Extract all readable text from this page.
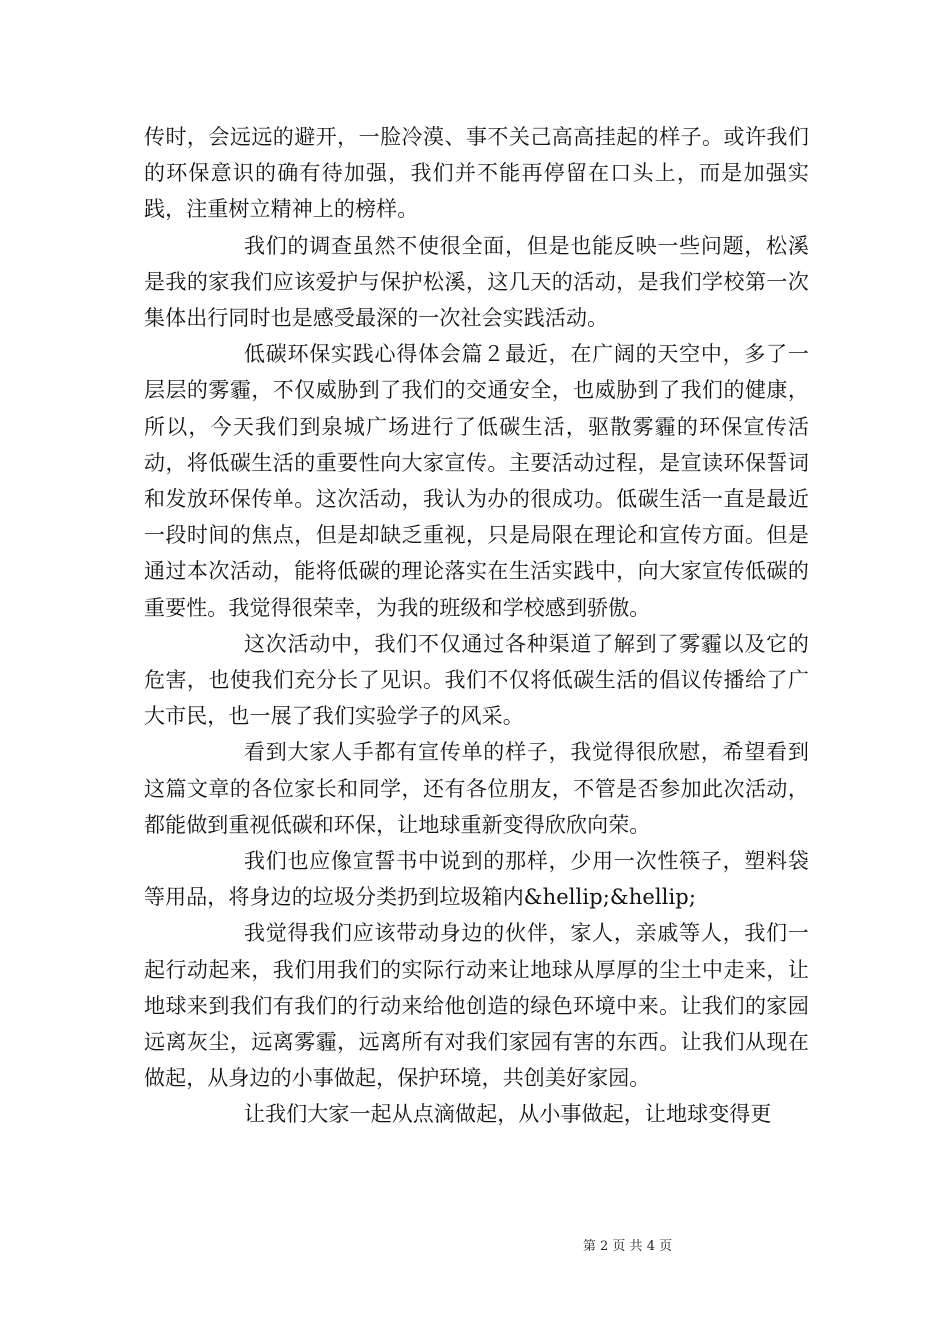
传时，会远远的避开，一脸冷漠、事不关己高高挂起的样子。或许我们的环保意识的确有待加强，我们并不能再停留在口头上，而是加强实践，注重树立精神上的榜样。

我们的调查虽然不使很全面，但是也能反映一些问题，松溪是我的家我们应该爱护与保护松溪，这几天的活动，是我们学校第一次集体出行同时也是感受最深的一次社会实践活动。

低碳环保实践心得体会篇２最近，在广阔的天空中，多了一层层的雾霾，不仅威胁到了我们的交通安全，也威胁到了我们的健康，所以，今天我们到泉城广场进行了低碳生活，驱散雾霾的环保宣传活动，将低碳生活的重要性向大家宣传。主要活动过程，是宣读环保誓词和发放环保传单。这次活动，我认为办的很成功。低碳生活一直是最近一段时间的焦点，但是却缺乏重视，只是局限在理论和宣传方面。但是通过本次活动，能将低碳的理论落实在生活实践中，向大家宣传低碳的重要性。我觉得很荣幸，为我的班级和学校感到骄傲。

这次活动中，我们不仅通过各种渠道了解到了雾霾以及它的危害，也使我们充分长了见识。我们不仅将低碳生活的倡议传播给了广大市民，也一展了我们实验学子的风采。

看到大家人手都有宣传单的样子，我觉得很欣慰，希望看到这篇文章的各位家长和同学，还有各位朋友，不管是否参加此次活动，都能做到重视低碳和环保，让地球重新变得欣欣向荣。

我们也应像宣誓书中说到的那样，少用一次性筷子，塑料袋等用品，将身边的垃圾分类扔到垃圾箱内&hellip;&hellip;

我觉得我们应该带动身边的伙伴，家人，亲戚等人，我们一起行动起来，我们用我们的实际行动来让地球从厚厚的尘土中走来，让地球来到我们有我们的行动来给他创造的绿色环境中来。让我们的家园远离灰尘，远离雾霾，远离所有对我们家园有害的东西。让我们从现在做起，从身边的小事做起，保护环境，共创美好家园。

让我们大家一起从点滴做起，从小事做起，让地球变得更

第 2 页 共 4 页
